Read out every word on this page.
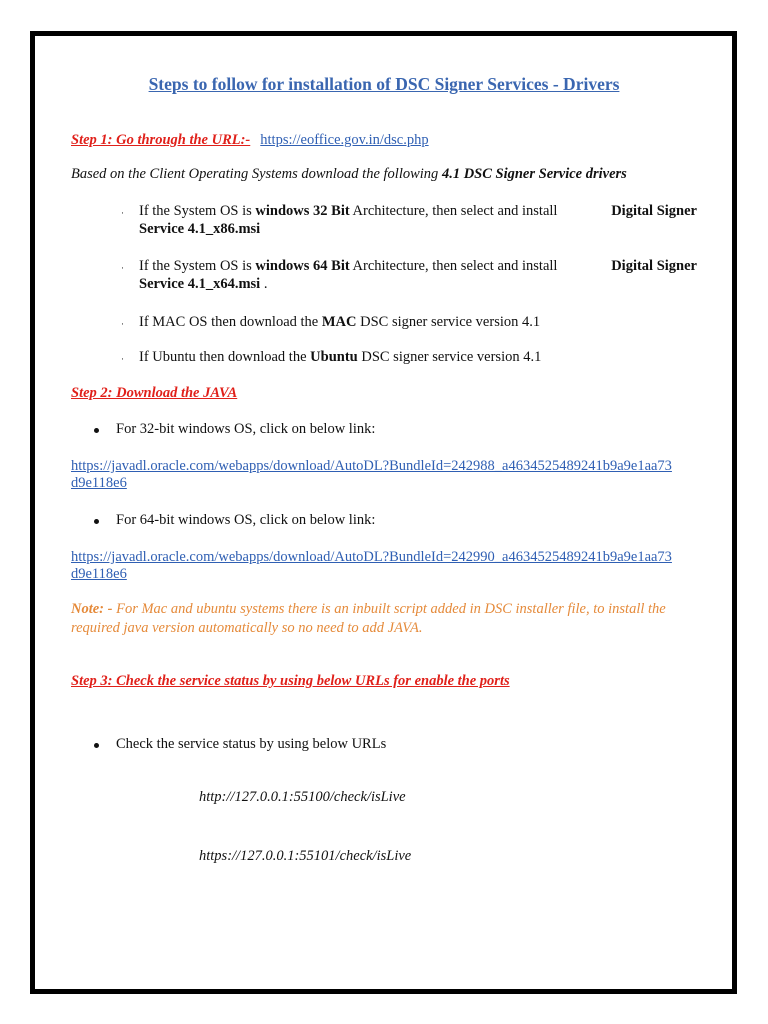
Steps to follow for installation of DSC Signer Services - Drivers
Step 1: Go through the URL:- https://eoffice.gov.in/dsc.php
Based on the Client Operating Systems download the following 4.1 DSC Signer Service drivers
· If the System OS is windows 32 Bit Architecture, then select and install	Digital Signer
Service 4.1_x86.msi
· If the System OS is windows 64 Bit Architecture, then select and install	Digital Signer
Service 4.1_x64.msi .
· If MAC OS then download the MAC DSC signer service version 4.1
· If Ubuntu then download the Ubuntu DSC signer service version 4.1
Step 2: Download the JAVA
For 32-bit windows OS, click on below link:
https://javadl.oracle.com/webapps/download/AutoDL?BundleId=242988_a4634525489241b9a9e1aa73
d9e118e6
For 64-bit windows OS, click on below link:
https://javadl.oracle.com/webapps/download/AutoDL?BundleId=242990_a4634525489241b9a9e1aa73
d9e118e6
Note: - For Mac and ubuntu systems there is an inbuilt script added in DSC installer file, to install the
required java version automatically so no need to add JAVA.
Step 3: Check the service status by using below URLs for enable the ports
Check the service status by using below URLs
http://127.0.0.1:55100/check/isLive
https://127.0.0.1:55101/check/isLive
